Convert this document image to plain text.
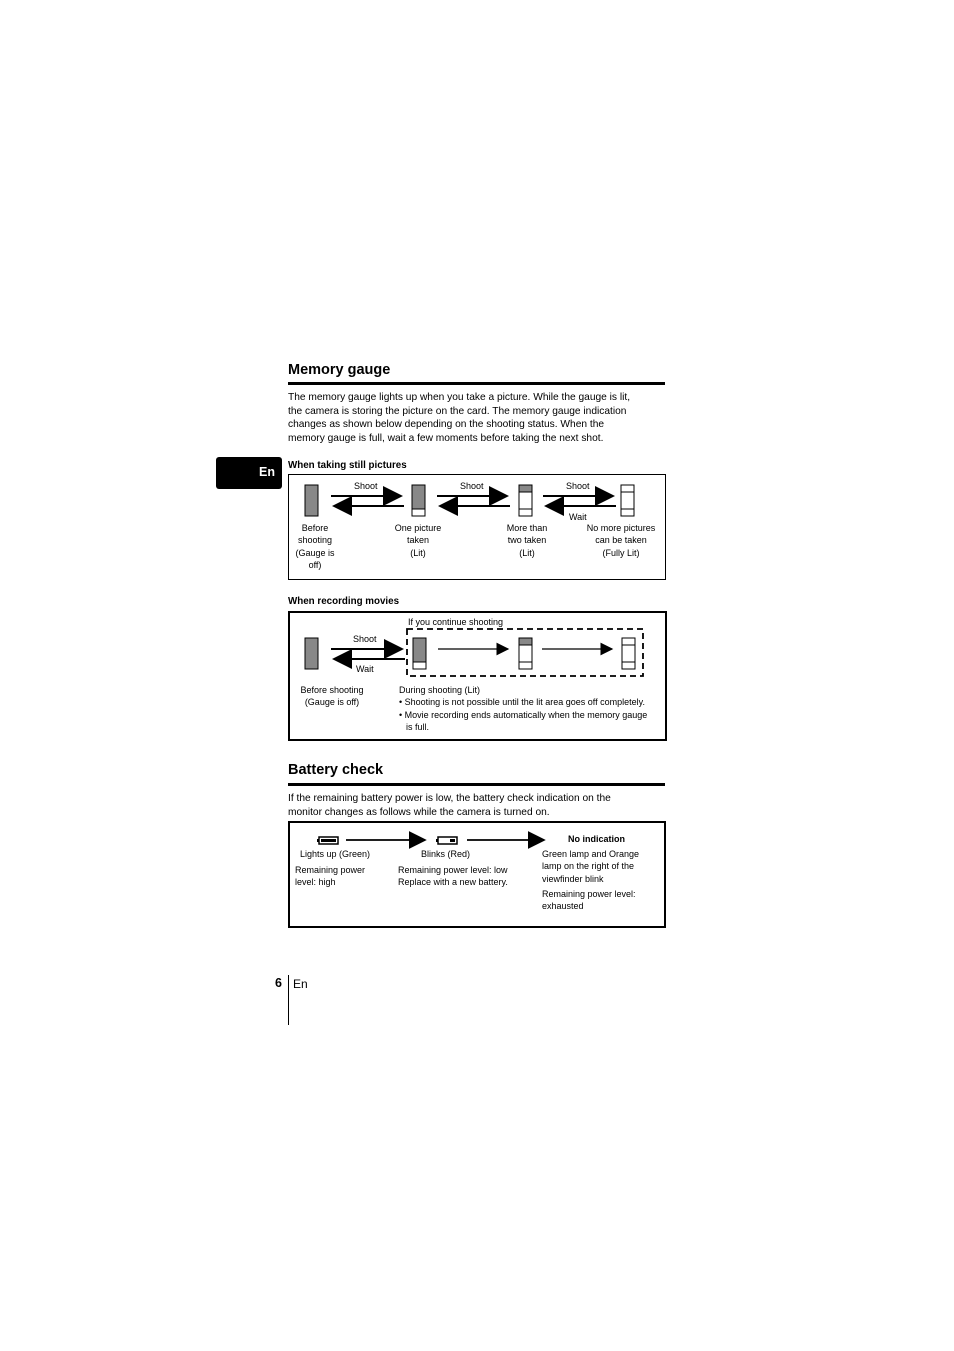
En
Memory gauge
The memory gauge lights up when you take a picture. While the gauge is lit,
the camera is storing the picture on the card. The memory gauge indication
changes as shown below depending on the shooting status. When the
memory gauge is full, wait a few moments before taking the next shot.
When taking still pictures
Shoot	Shoot	Shoot
Wait
Before
shooting
(Gauge is
off)
One picture
taken
(Lit)
More than
two taken
(Lit)
No more pictures
can be taken
(Fully Lit)
When recording movies
If you continue shooting
Shoot
Wait
Before shooting
(Gauge is off)
During shooting (Lit)
• Shooting is not possible until the lit area goes off completely.
• Movie recording ends automatically when the memory gauge
is full.
Battery check
If the remaining battery power is low, the battery check indication on the
monitor changes as follows while the camera is turned on.
Lights up (Green)
Remaining power
level: high
Blinks (Red)
Remaining power level: low
Replace with a new battery.
No indication
Green lamp and Orange
lamp on the right of the
viewfinder blink
Remaining power level:
exhausted
6 En
